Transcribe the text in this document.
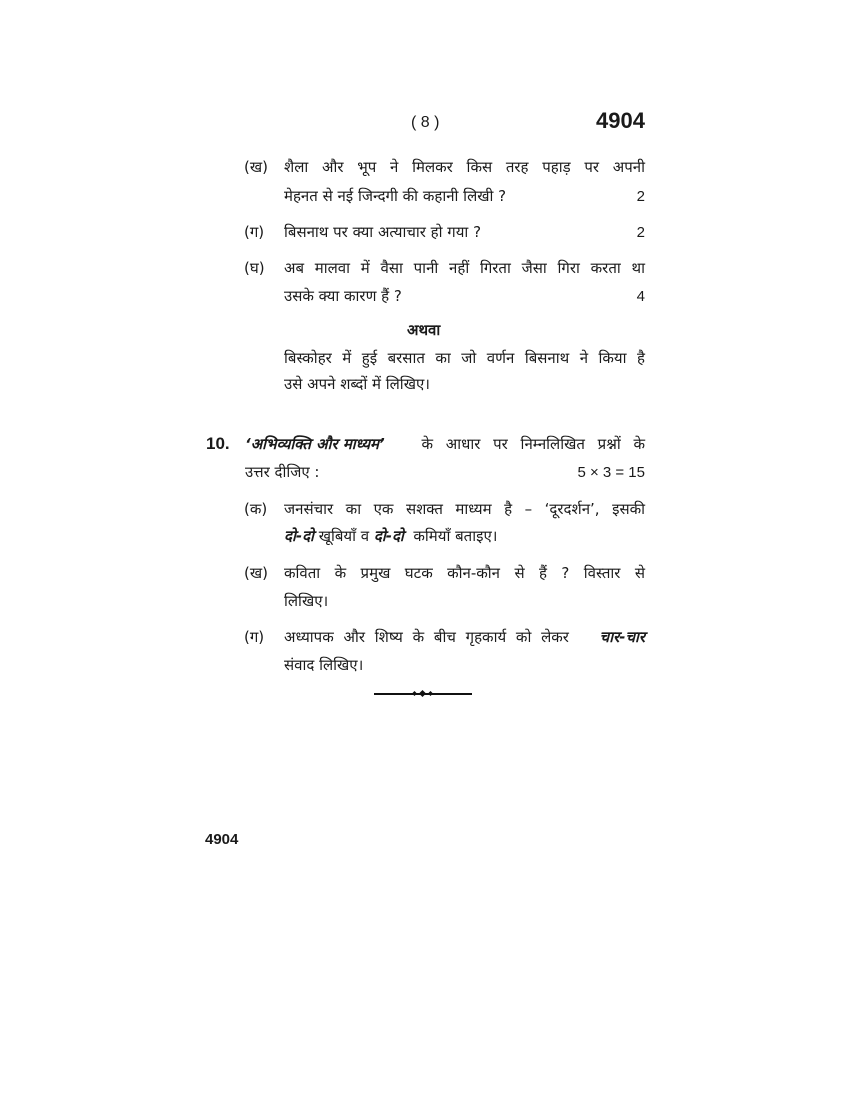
( 8 )	4904
(ख) शैला और भूप ने मिलकर किस तरह पहाड़ पर अपनी
मेहनत से नई जिन्दगी की कहानी लिखी ?	2
(ग) बिसनाथ पर क्या अत्याचार हो गया ?	2
(घ) अब मालवा में वैसा पानी नहीं गिरता जैसा गिरा करता था
उसके क्या कारण हैं ?	4
अथवा
बिस्कोहर में हुई बरसात का जो वर्णन बिसनाथ ने किया है
उसे अपने शब्दों में लिखिए।
10. ‘अभिव्यक्ति और माध्यम’ के आधार पर निम्नलिखित प्रश्नों के
उत्तर दीजिए :	5 × 3 = 15
(क) जनसंचार का एक सशक्त माध्यम है – ‘दूरदर्शन’, इसकी
दो-दो खूबियाँ व दो-दो  कमियाँ बताइए।
(ख) कविता के प्रमुख घटक कौन-कौन से हैं ? विस्तार से
लिखिए।
(ग) अध्यापक और शिष्य के बीच गृहकार्य को लेकर चार-चार
संवाद लिखिए।
4904
